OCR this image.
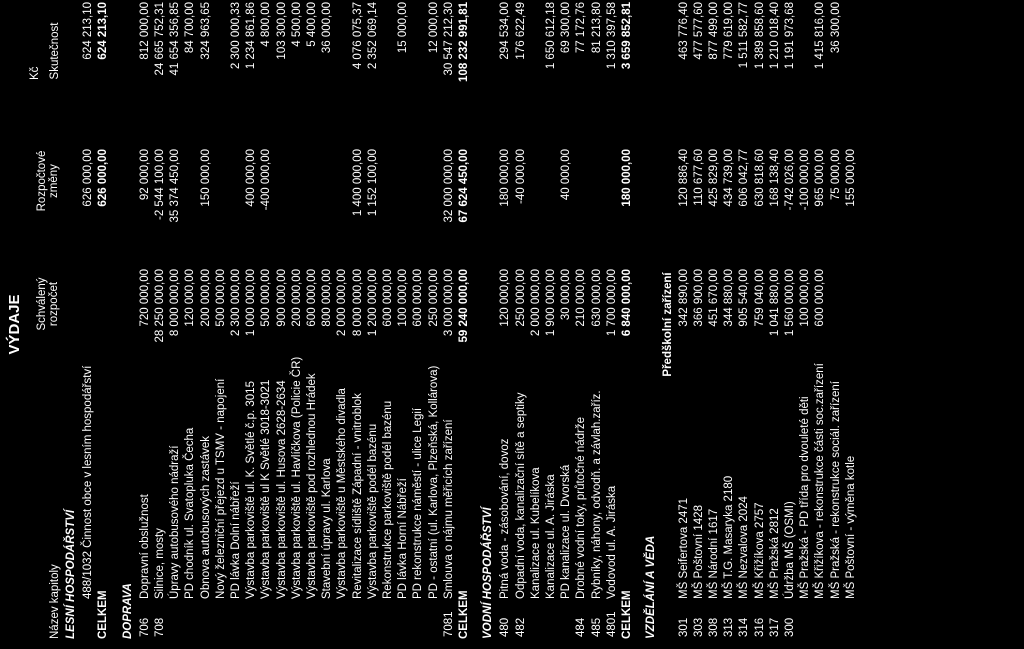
VÝDAJE
Kč
Název kapitoly
Schválený rozpočet
Rozpočtové změny
Skutečnost
LESNÍ HOSPODÁŘSTVÍ 488/1032 Činnost obce v lesním hospodářství
626 000,00
624 213,10
CELKEM
626 000,00
624 213,10
DOPRAVA 706
Dopravní obslužnost
720 000,00
92 000,00
812 000,00
708
Silnice, mosty
28 250 000,00
-2 544 100,00
24 665 752,31
Úpravy autobusového nádraží
8 000 000,00
35 374 450,00
41 654 356,85
PD chodník ul. Svatopluka Čecha
120 000,00
84 700,00
Obnova autobusových zastávek
200 000,00
150 000,00
324 963,65
Nový železniční přejezd u TSMV - napojení
500 000,00
PD lávka Dolní nábřeží
2 300 000,00
2 300 000,33
Výstavba parkoviště ul. K. Světlé č.p. 3015
1 000 000,00
400 000,00
1 234 861,86
Výstavba parkoviště ul K Světlé 3018-3021
500 000,00
-400 000,00
4 800,00
Výstavba parkoviště ul. Husova 2628-2634
900 000,00
103 300,00
Výstavba parkoviště ul. Havlíčkova (Policie ČR)
200 000,00
4 500,00
Výstavba parkoviště pod rozhlednou Hrádek
600 000,00
5 400,00
Stavební úpravy ul. Karlova
800 000,00
36 000,00
Výstavba parkoviště u Městského divadla
2 000 000,00
Revitalizace sídliště Západní - vnitroblok
8 000 000,00
1 400 000,00
4 076 075,37
Výstavba parkoviště podél bazénu
1 200 000,00
1 152 100,00
2 352 069,14
Rekonstrukce parkoviště podél bazénu
600 000,00
PD lávka Horní Nábřeží
100 000,00
15 000,00
PD rekonstrukce náměstí - ulice Legií
600 000,00
PD - ostatní (ul. Karlova, Plzeňská, Kollárova)
250 000,00
12 000,00
7081
Smlouva o nájmu měřicích zařízení
3 000 000,00
32 000 000,00
30 547 212,30
CELKEM
59 240 000,00
67 624 450,00
108 232 991,81
VODNÍ HOSPODÁŘSTVÍ 480
Pitná voda - zásobování, dovoz
120 000,00
180 000,00
294 534,00
482
Odpadní voda, kanalizační sítě a septiky
250 000,00
-40 000,00
176 622,49
Kanalizace ul. Kubelíkova
2 000 000,00
Kanalizace ul. A. Jiráska
1 900 000,00
1 650 612,18
PD kanalizace ul. Dvorská
30 000,00
40 000,00
69 300,00
484
Drobné vodní toky, průtočné nádrže
210 000,00
77 172,76
485
Rybníky, náhony, odvodň. a závlah.zaříz.
630 000,00
81 213,80
4801
Vodovod ul. A. Jiráska
1 700 000,00
1 310 397,58
CELKEM
6 840 000,00
180 000,00
3 659 852,81
VZDĚLÁNÍ A VĚDA
Předškolní zařízení
301
MŠ Seifertova 2471
342 890,00
120 886,40
463 776,40
303
MŠ Poštovní 1428
366 900,00
110 677,60
477 577,60
308
MŠ Národní 1617
451 670,00
425 829,00
877 499,00
313
MŠ T.G. Masaryka 2180
344 880,00
434 739,00
779 619,00
314
MŠ Nezvalova 2024
905 540,00
606 042,77
1 511 582,77
316
MŠ Křižíkova 2757
759 040,00
630 818,60
1 389 858,60
317
MŠ Pražská 2812
1 041 880,00
168 138,40
1 210 018,40
300
Údržba MŠ (OSMI)
1 560 000,00
-742 026,00
1 191 973,68
MŠ Pražská - PD třída pro dvouleté děti
100 000,00
-100 000,00
MŠ Křižíkova - rekonstrukce části soc.zařízení
600 000,00
965 000,00
1 415 816,00
MŠ Pražská - rekonstrukce sociál. zařízení
75 000,00
36 300,00
MŠ Poštovní - výměna kotle
155 000,00
